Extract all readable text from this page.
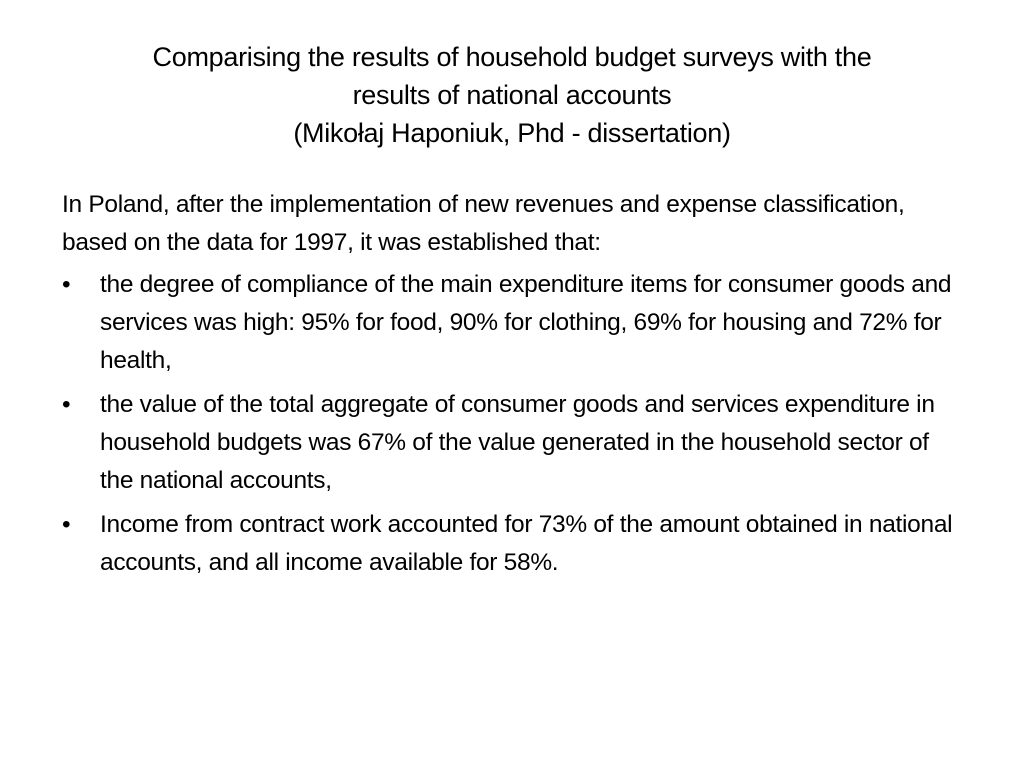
Comparising the results of household budget surveys with the
results of national accounts
(Mikołaj Haponiuk, Phd - dissertation)

In Poland, after the implementation of new revenues and expense classification, based on the data for 1997, it was established that:

•	the degree of compliance of the main expenditure items for consumer goods and services was high: 95% for food, 90% for clothing, 69% for housing and 72% for health,
•	the value of the total aggregate of consumer goods and services expenditure in household budgets was 67% of the value generated in the household sector of the national accounts,
•	Income from contract work accounted for 73% of the amount obtained in national accounts, and all income available for 58%.
